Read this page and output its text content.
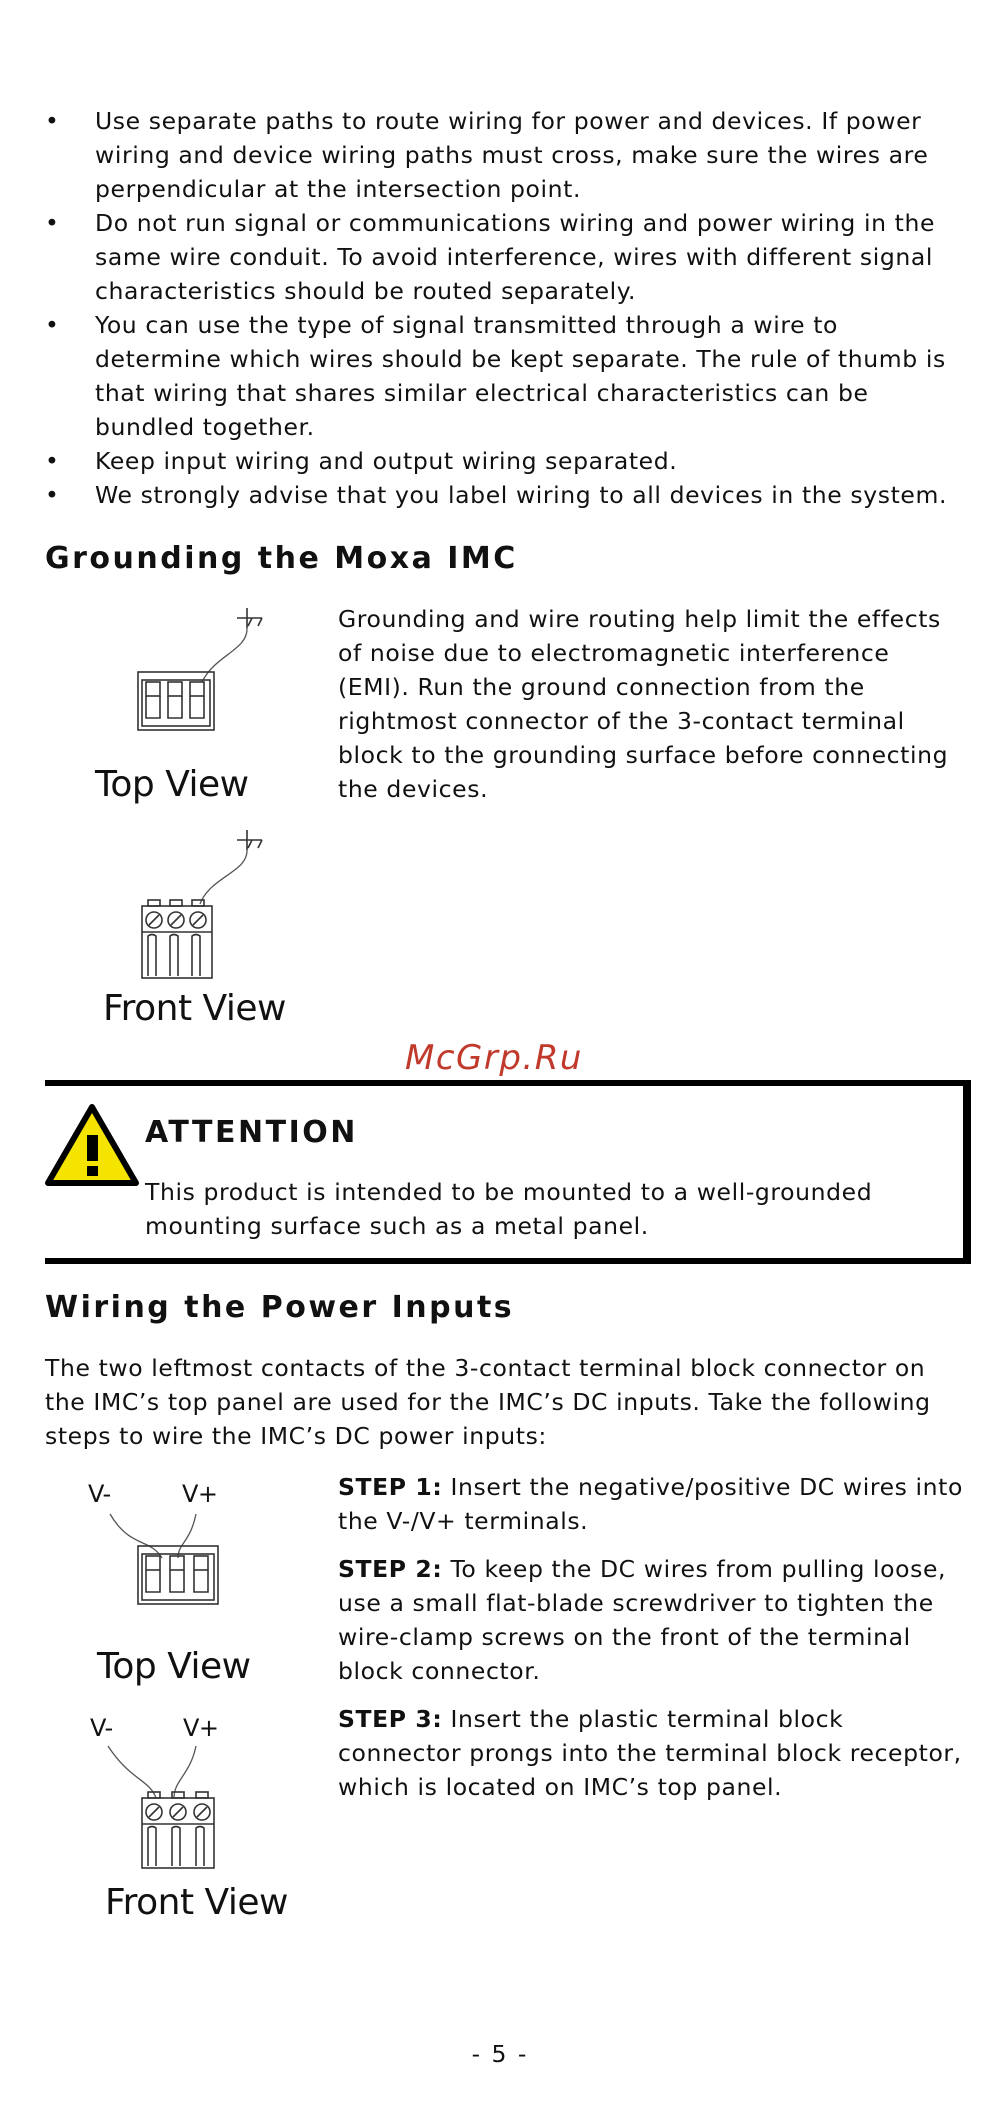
• Use separate paths to route wiring for power and devices. If power wiring and device wiring paths must cross, make sure the wires are perpendicular at the intersection point.
• Do not run signal or communications wiring and power wiring in the same wire conduit. To avoid interference, wires with different signal characteristics should be routed separately.
• You can use the type of signal transmitted through a wire to determine which wires should be kept separate. The rule of thumb is that wiring that shares similar electrical characteristics can be bundled together.
• Keep input wiring and output wiring separated.
• We strongly advise that you label wiring to all devices in the system.
Grounding the Moxa IMC
Top View
Front View

Grounding and wire routing help limit the effects of noise due to electromagnetic interference (EMI). Run the ground connection from the rightmost connector of the 3-contact terminal block to the grounding surface before connecting the devices.

McGrp.Ru
ATTENTION

This product is intended to be mounted to a well-grounded mounting surface such as a metal panel.

Wiring the Power Inputs

The two leftmost contacts of the 3-contact terminal block connector on the IMC’s top panel are used for the IMC’s DC inputs. Take the following steps to wire the IMC’s DC power inputs:

V-	V+
Top View
V-	V+
Front View

STEP 1: Insert the negative/positive DC wires into the V-/V+ terminals.

STEP 2: To keep the DC wires from pulling loose, use a small flat-blade screwdriver to tighten the wire-clamp screws on the front of the terminal block connector.

STEP 3: Insert the plastic terminal block connector prongs into the terminal block receptor, which is located on IMC’s top panel.

- 5 -
